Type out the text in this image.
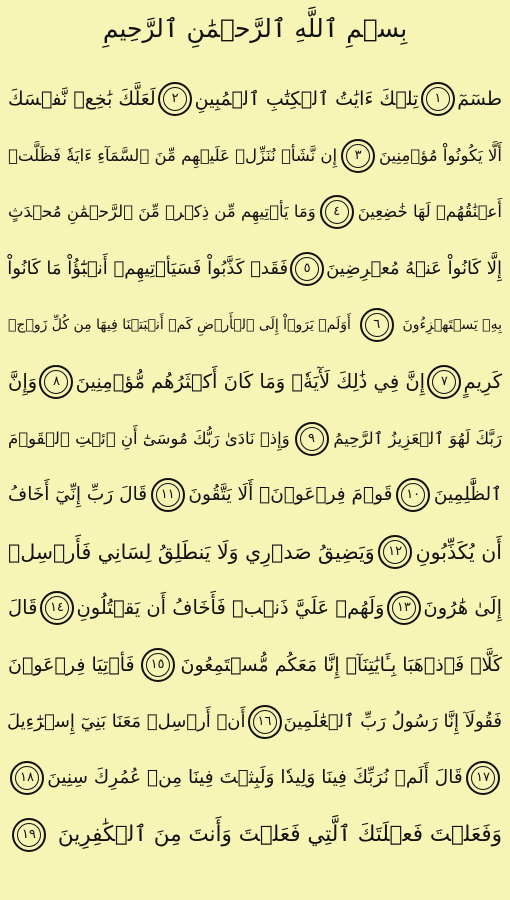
بِسۡمِ ٱللَّهِ ٱلرَّحۡمَٰنِ ٱلرَّحِيمِ
طسٓمٓ
١
تِلۡكَ ءَايَٰتُ ٱلۡكِتَٰبِ ٱلۡمُبِينِ
٢
لَعَلَّكَ بَٰخِعٞ نَّفۡسَكَ
أَلَّا يَكُونُواْ مُؤۡمِنِينَ
٣
إِن نَّشَأۡ نُنَزِّلۡ عَلَيۡهِم مِّنَ ٱلسَّمَآءِ ءَايَةٗ فَظَلَّتۡ
أَعۡنَٰقُهُمۡ لَهَا خَٰضِعِينَ
٤
وَمَا يَأۡتِيهِم مِّن ذِكۡرٖ مِّنَ ٱلرَّحۡمَٰنِ مُحۡدَثٍ
إِلَّا كَانُواْ عَنۡهُ مُعۡرِضِينَ
٥
فَقَدۡ كَذَّبُواْ فَسَيَأۡتِيهِمۡ أَنۢبَٰٓؤُاْ مَا كَانُواْ
بِهِۦ يَسۡتَهۡزِءُونَ
٦
أَوَلَمۡ يَرَوۡاْ إِلَى ٱلۡأَرۡضِ كَمۡ أَنۢبَتۡنَا فِيهَا مِن كُلِّ زَوۡجٖ
كَرِيمٍ
٧
إِنَّ فِي ذَٰلِكَ لَأٓيَةٗۖ وَمَا كَانَ أَكۡثَرُهُم مُّؤۡمِنِينَ
٨
وَإِنَّ
رَبَّكَ لَهُوَ ٱلۡعَزِيزُ ٱلرَّحِيمُ
٩
وَإِذۡ نَادَىٰ رَبُّكَ مُوسَىٰٓ أَنِ ٱئۡتِ ٱلۡقَوۡمَ
ٱلظَّٰلِمِينَ
١٠
قَوۡمَ فِرۡعَوۡنَۚ أَلَا يَتَّقُونَ
١١
قَالَ رَبِّ إِنِّيٓ أَخَافُ
أَن يُكَذِّبُونِ
١٢
وَيَضِيقُ صَدۡرِي وَلَا يَنطَلِقُ لِسَانِي فَأَرۡسِلۡ
إِلَىٰ هَٰرُونَ
١٣
وَلَهُمۡ عَلَيَّ ذَنۢبٞ فَأَخَافُ أَن يَقۡتُلُونِ
١٤
قَالَ
كَلَّاۖ فَٱذۡهَبَا بِـَٔايَٰتِنَآۖ إِنَّا مَعَكُم مُّسۡتَمِعُونَ
١٥
فَأۡتِيَا فِرۡعَوۡنَ
فَقُولَآ إِنَّا رَسُولُ رَبِّ ٱلۡعَٰلَمِينَ
١٦
أَنۡ أَرۡسِلۡ مَعَنَا بَنِيٓ إِسۡرَٰٓءِيلَ
١٧
قَالَ أَلَمۡ نُرَبِّكَ فِينَا وَلِيدٗا وَلَبِثۡتَ فِينَا مِنۡ عُمُرِكَ سِنِينَ
١٨
وَفَعَلۡتَ فَعۡلَتَكَ ٱلَّتِي فَعَلۡتَ وَأَنتَ مِنَ ٱلۡكَٰفِرِينَ
١٩
